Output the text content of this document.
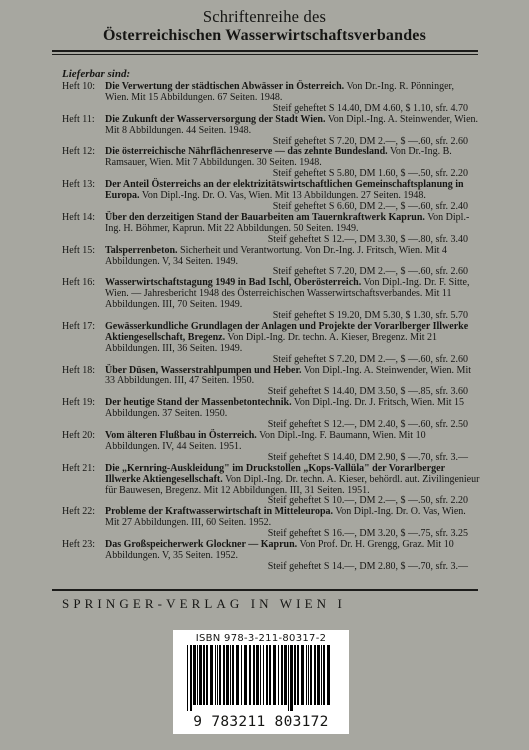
Schriftenreihe des
Österreichischen Wasserwirtschaftsverbandes
Lieferbar sind:
Heft 10: Die Verwertung der städtischen Abwässer in Österreich. Von Dr.-Ing. R. Pönninger, Wien. Mit 15 Abbildungen. 67 Seiten. 1948.
Steif geheftet S 14.40, DM 4.60, $ 1.10, sfr. 4.70
Heft 11: Die Zukunft der Wasserversorgung der Stadt Wien. Von Dipl.-Ing. A. Steinwender, Wien. Mit 8 Abbildungen. 44 Seiten. 1948.
Steif geheftet S 7.20, DM 2.—, $ —.60, sfr. 2.60
Heft 12: Die österreichische Nährflächenreserve — das zehnte Bundesland. Von Dr.-Ing. B. Ramsauer, Wien. Mit 7 Abbildungen. 30 Seiten. 1948.
Steif geheftet S 5.80, DM 1.60, $ —.50, sfr. 2.20
Heft 13: Der Anteil Österreichs an der elektrizitätswirtschaftlichen Gemeinschaftsplanung in Europa. Von Dipl.-Ing. Dr. O. Vas, Wien. Mit 13 Abbildungen. 27 Seiten. 1948.
Steif geheftet S 6.60, DM 2.—, $ —.60, sfr. 2.40
Heft 14: Über den derzeitigen Stand der Bauarbeiten am Tauernkraftwerk Kaprun. Von Dipl.-Ing. H. Böhmer, Kaprun. Mit 22 Abbildungen. 50 Seiten. 1949.
Steif geheftet S 12.—, DM 3.30, $ —.80, sfr. 3.40
Heft 15: Talsperrenbeton. Sicherheit und Verantwortung. Von Dr.-Ing. J. Fritsch, Wien. Mit 4 Abbildungen. V, 34 Seiten. 1949.
Steif geheftet S 7.20, DM 2.—, $ —.60, sfr. 2.60
Heft 16: Wasserwirtschaftstagung 1949 in Bad Ischl, Oberösterreich. Von Dipl.-Ing. Dr. F. Sitte, Wien. — Jahresbericht 1948 des Österreichischen Wasserwirtschaftsverbandes. Mit 11 Abbildungen. III, 70 Seiten. 1949.
Steif geheftet S 19.20, DM 5.30, $ 1.30, sfr. 5.70
Heft 17: Gewässerkundliche Grundlagen der Anlagen und Projekte der Vorarlberger Illwerke Aktiengesellschaft, Bregenz. Von Dipl.-Ing. Dr. techn. A. Kieser, Bregenz. Mit 21 Abbildungen. III, 36 Seiten. 1949.
Steif geheftet S 7.20, DM 2.—, $ —.60, sfr. 2.60
Heft 18: Über Düsen, Wasserstrahlpumpen und Heber. Von Dipl.-Ing. A. Steinwender, Wien. Mit 33 Abbildungen. III, 47 Seiten. 1950.
Steif geheftet S 14.40, DM 3.50, $ —.85, sfr. 3.60
Heft 19: Der heutige Stand der Massenbetontechnik. Von Dipl.-Ing. Dr. J. Fritsch, Wien. Mit 15 Abbildungen. 37 Seiten. 1950.
Steif geheftet S 12.—, DM 2.40, $ —.60, sfr. 2.50
Heft 20: Vom älteren Flußbau in Österreich. Von Dipl.-Ing. F. Baumann, Wien. Mit 10 Abbildungen. IV, 44 Seiten. 1951.
Steif geheftet S 14.40, DM 2.90, $ —.70, sfr. 3.—
Heft 21: Die „Kernring-Auskleidung" im Druckstollen „Kops-Vallüla" der Vorarlberger Illwerke Aktiengesellschaft. Von Dipl.-Ing. Dr. techn. A. Kieser, behördl. aut. Zivilingenieur für Bauwesen, Bregenz. Mit 12 Abbildungen. III, 31 Seiten. 1951.
Steif geheftet S 10.—, DM 2.—, $ —.50, sfr. 2.20
Heft 22: Probleme der Kraftwasserwirtschaft in Mitteleuropa. Von Dipl.-Ing. Dr. O. Vas, Wien. Mit 27 Abbildungen. III, 60 Seiten. 1952.
Steif geheftet S 16.—, DM 3.20, $ —.75, sfr. 3.25
Heft 23: Das Großspeicherwerk Glockner — Kaprun. Von Prof. Dr. H. Grengg, Graz. Mit 10 Abbildungen. V, 35 Seiten. 1952.
Steif geheftet S 14.—, DM 2.80, $ —.70, sfr. 3.—
SPRINGER-VERLAG IN WIEN I
ISBN 978-3-211-80317-2
9 783211 803172
